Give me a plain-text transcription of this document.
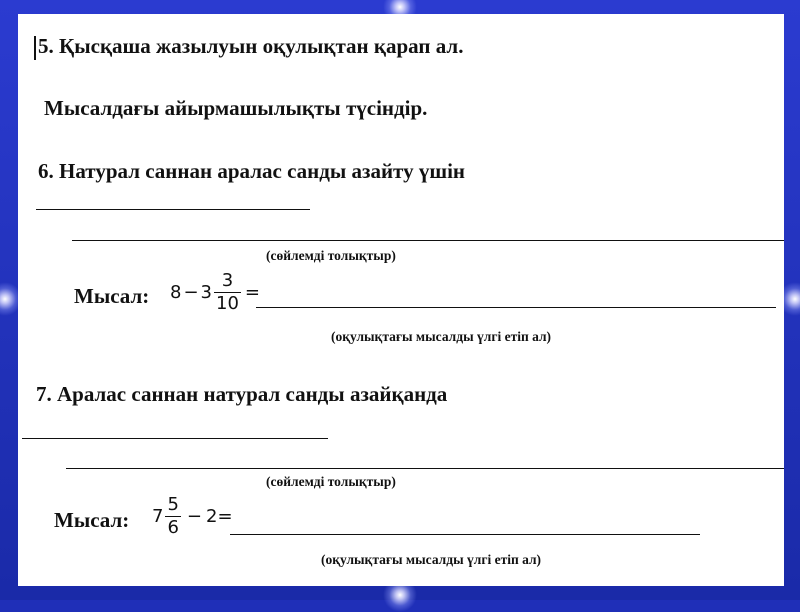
5. Қысқаша жазылуын оқулықтан қарап ал.
Мысалдағы айырмашылықты түсіндір.
6. Натурал саннан аралас санды азайту үшін
(сөйлемді толықтыр)
Мысал: $8 - 3 \frac{3}{10}$ =
(оқулықтағы мысалды үлгі етіп ал)
7. Аралас саннан натурал санды азайқанда
(сөйлемді толықтыр)
Мысал: $7 \frac{5}{6} - 2$ =
(оқулықтағы мысалды үлгі етіп ал)
